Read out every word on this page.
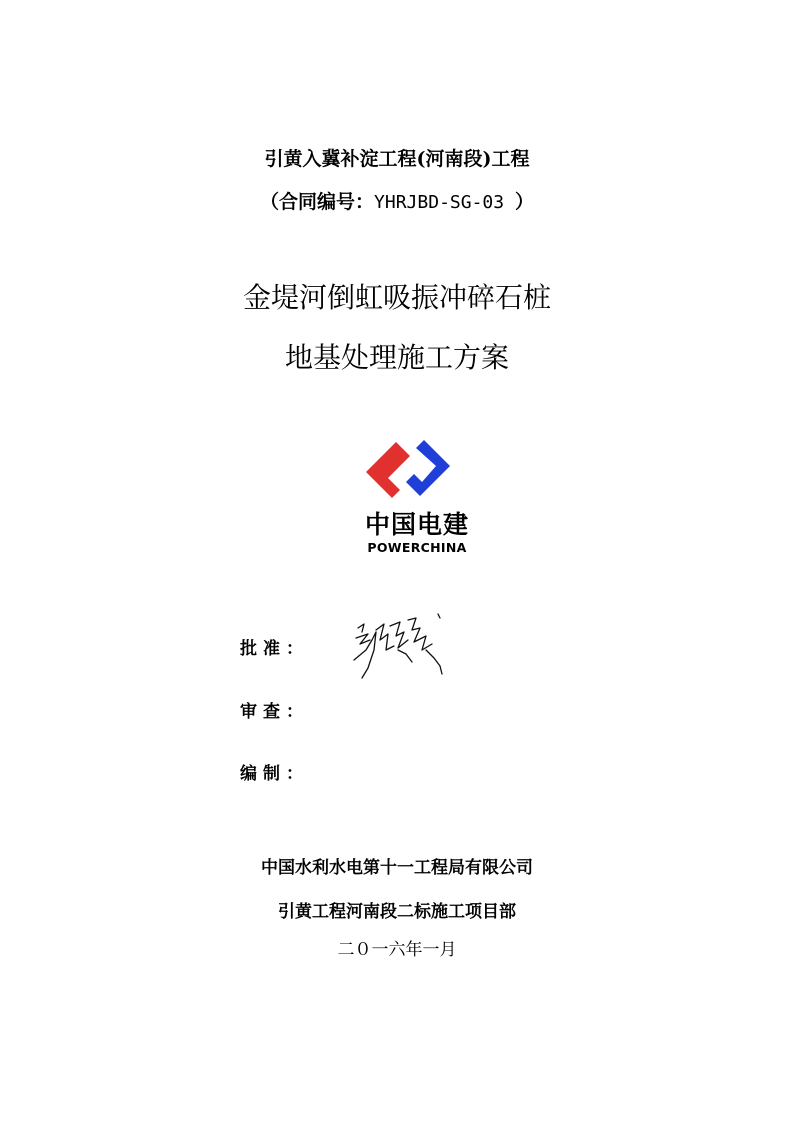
引黄入冀补淀工程(河南段)工程
（合同编号：YHRJBD-SG-03 ）
金堤河倒虹吸振冲碎石桩
地基处理施工方案
中国电建
POWERCHINA
批准：
审查：
编制：
中国水利水电第十一工程局有限公司
引黄工程河南段二标施工项目部
二０一六年一月
